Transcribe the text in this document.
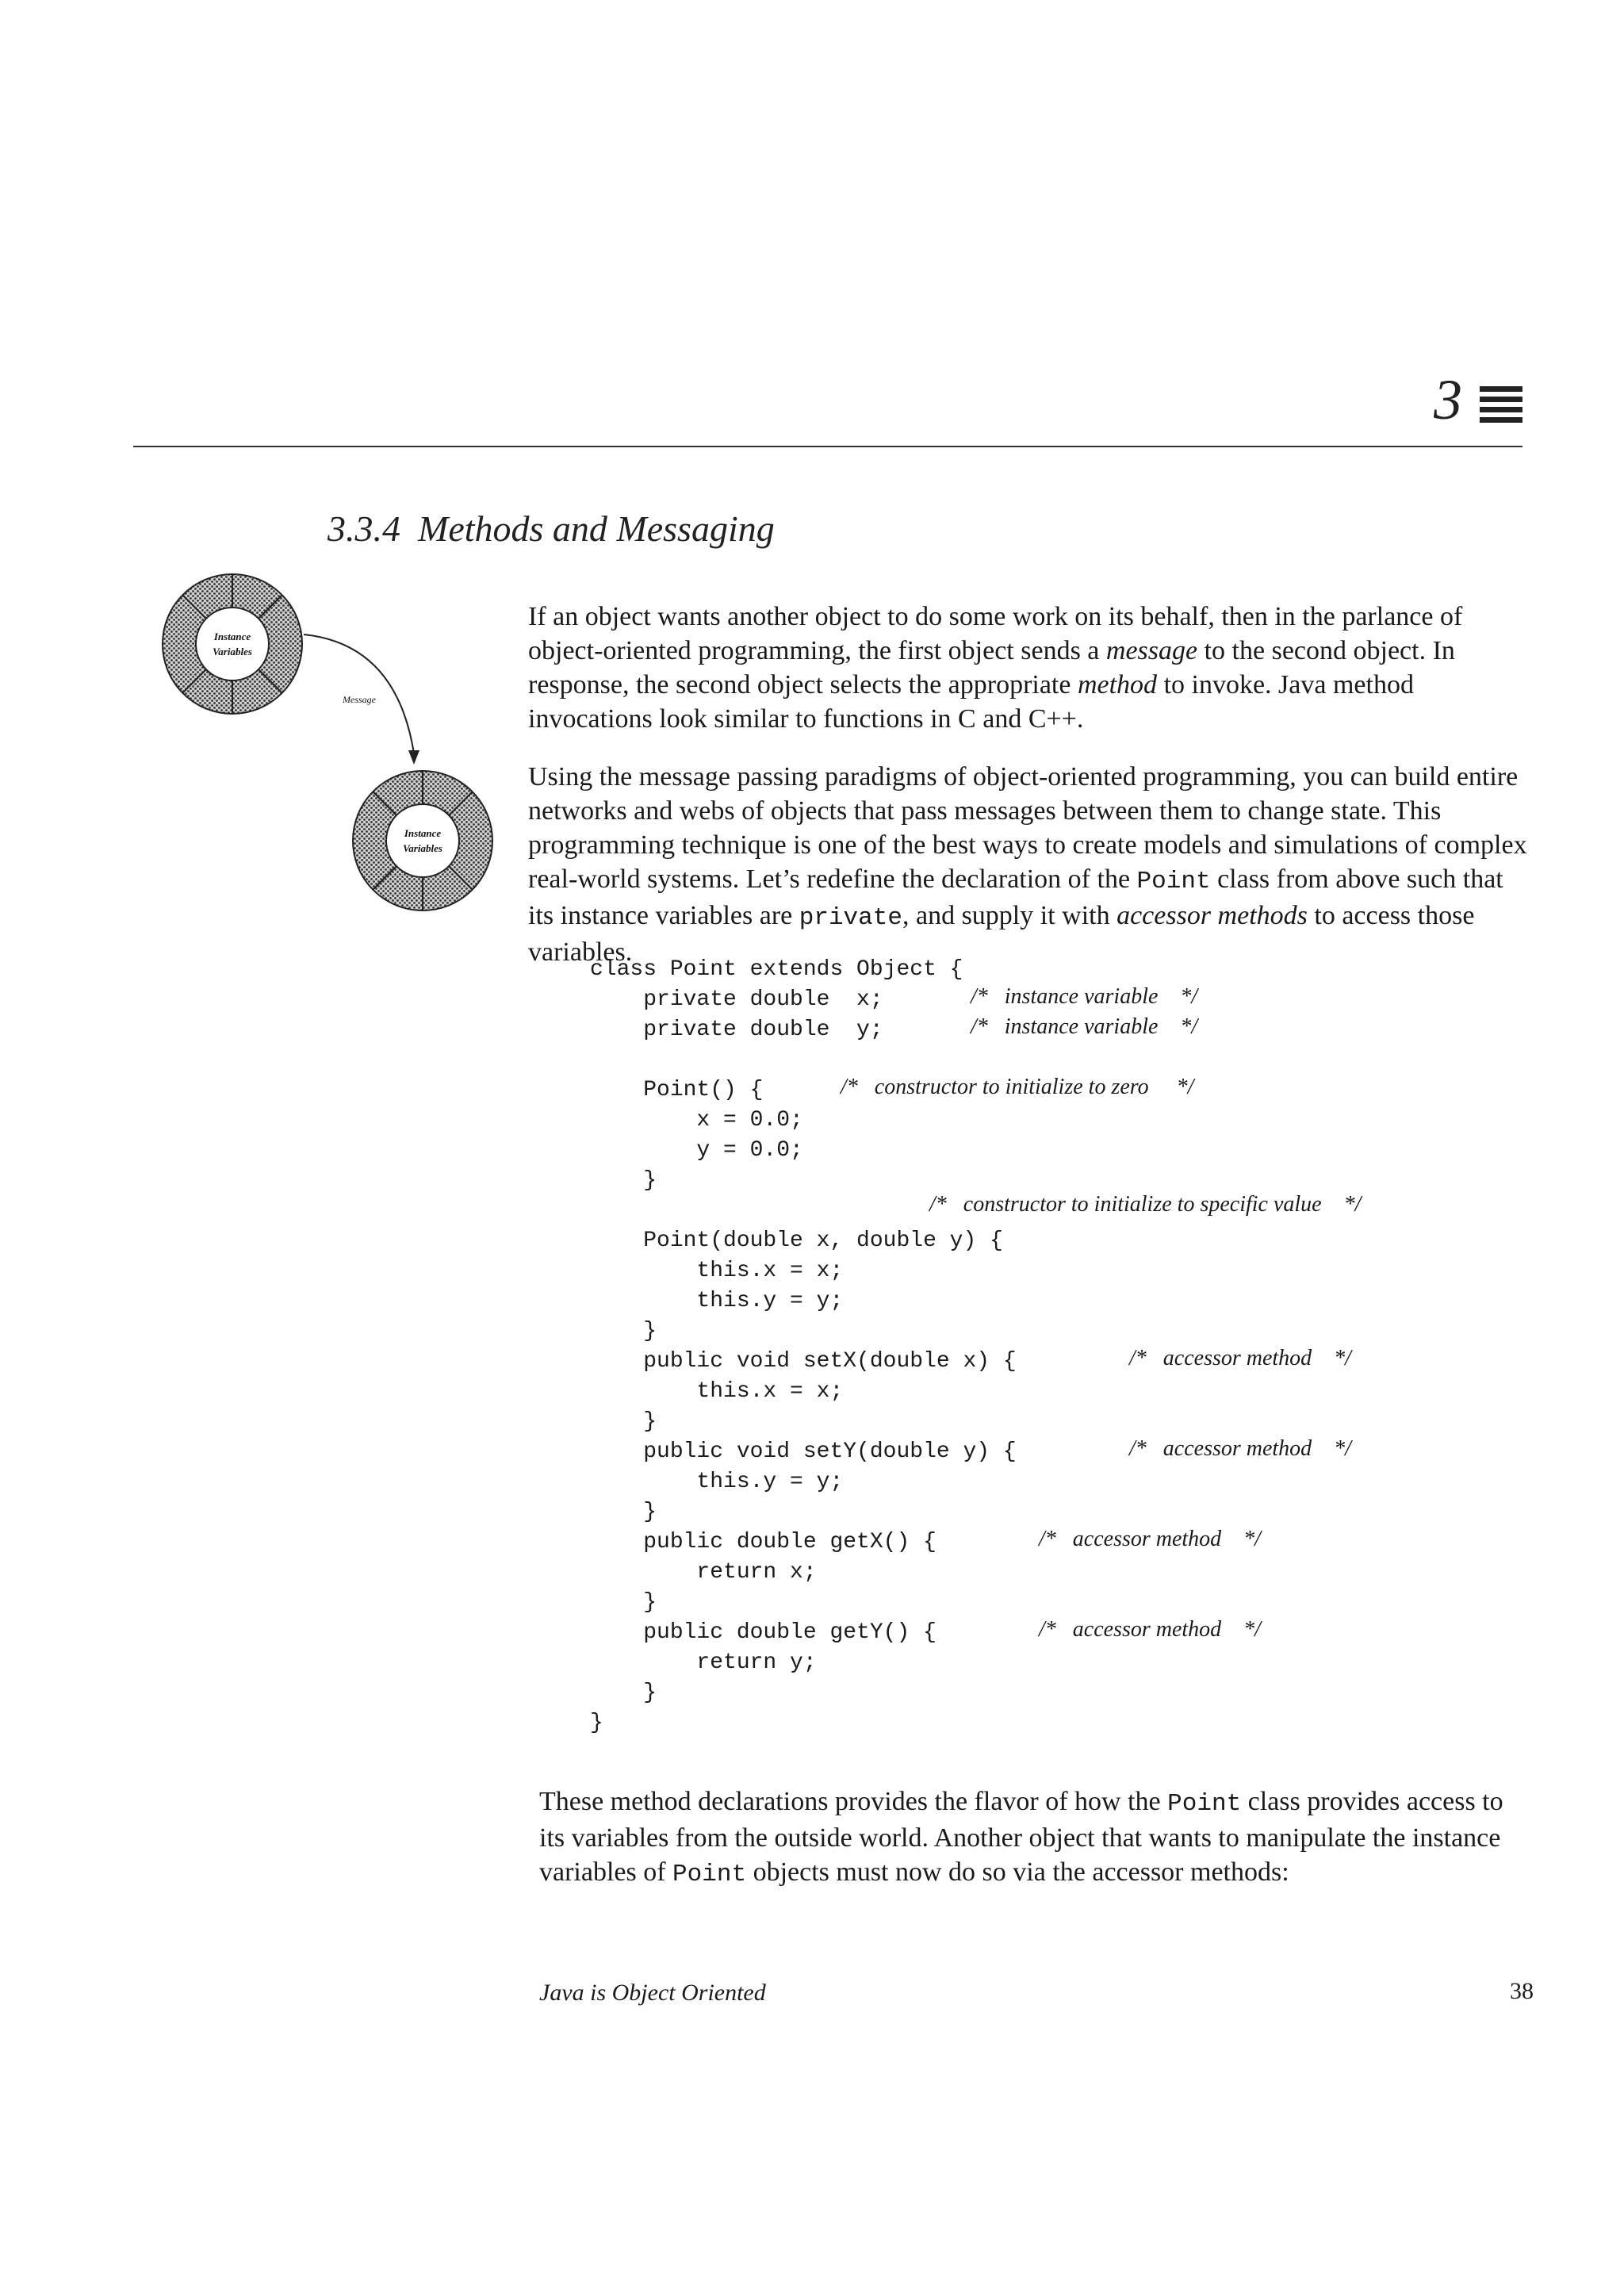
3
3.3.4 Methods and Messaging
Instance
Variables
Message
Instance
Variables

If an object wants another object to do some work on its behalf, then in the parlance of object-oriented programming, the first object sends a message to the second object. In response, the second object selects the appropriate method to invoke. Java method invocations look similar to functions in C and C++.

Using the message passing paradigms of object-oriented programming, you can build entire networks and webs of objects that pass messages between them to change state. This programming technique is one of the best ways to create models and simulations of complex real-world systems. Let’s redefine the declaration of the Point class from above such that its instance variables are private, and supply it with accessor methods to access those variables.

class Point extends Object {
private double  x;	/*   instance variable    */
private double  y;	/*   instance variable    */
Point() {	/*   constructor to initialize to zero     */
x = 0.0;
y = 0.0;
}
/*   constructor to initialize to specific value    */
Point(double x, double y) {
this.x = x;
this.y = y;
}
public void setX(double x) {	/*   accessor method    */
this.x = x;
}
public void setY(double y) {	/*   accessor method    */
this.y = y;
}
public double getX() {	/*   accessor method    */
return x;
}
public double getY() {	/*   accessor method    */
return y;
}
}

These method declarations provides the flavor of how the Point class provides access to its variables from the outside world. Another object that wants to manipulate the instance variables of Point objects must now do so via the accessor methods:

Java is Object Oriented	38
